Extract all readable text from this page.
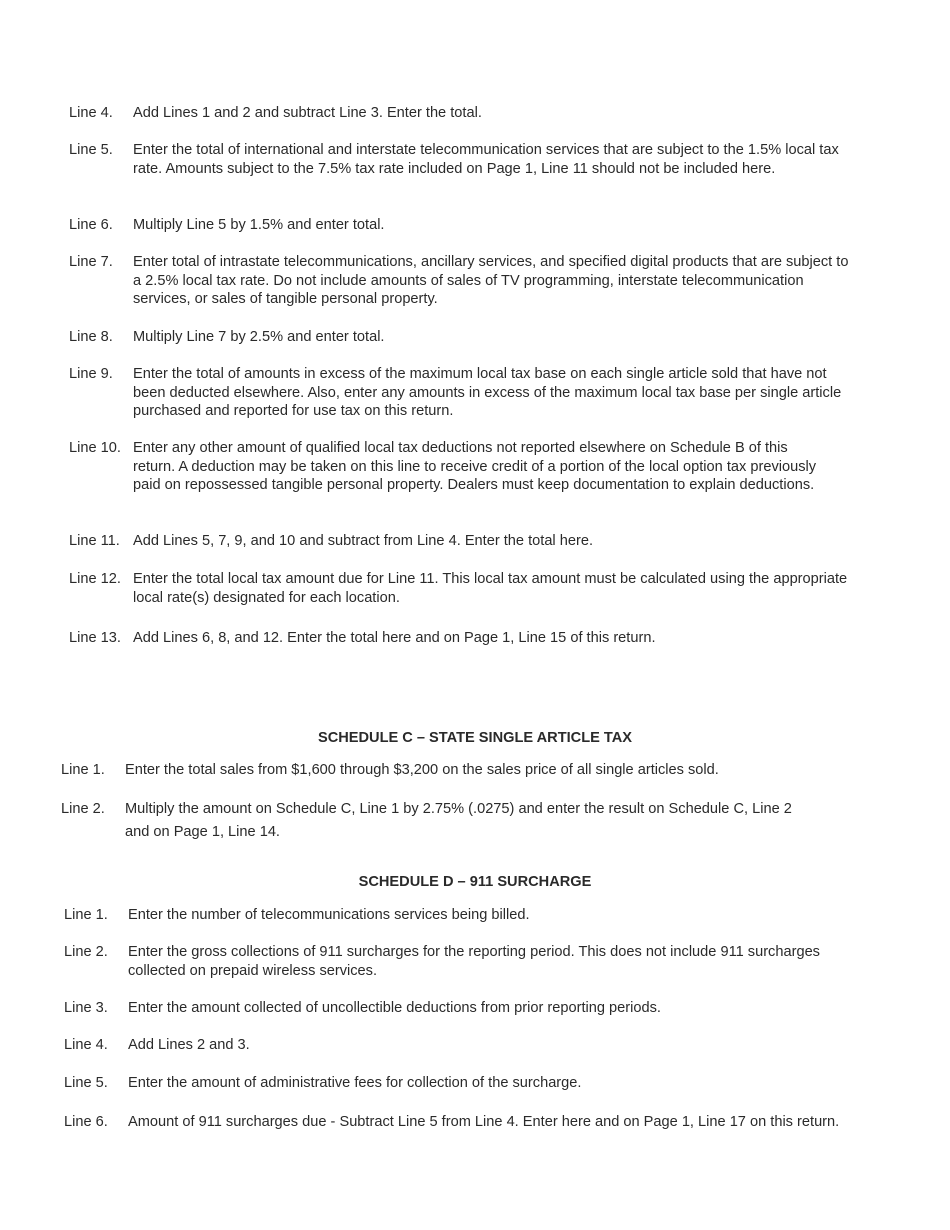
Line 4.	Add Lines 1 and 2 and subtract Line 3. Enter the total.
Line 5.	Enter the total of international and interstate telecommunication services that are subject to the 1.5% local tax rate. Amounts subject to the 7.5% tax rate included on Page 1, Line 11 should not be included here.
Line 6.	Multiply Line 5 by 1.5% and enter total.
Line 7.	Enter total of intrastate telecommunications, ancillary services, and specified digital products that are subject to a 2.5% local tax rate. Do not include amounts of sales of TV programming, interstate telecommunication services, or sales of tangible personal property.
Line 8.	Multiply Line 7 by 2.5% and enter total.
Line 9.	Enter the total of amounts in excess of the maximum local tax base on each single article sold that have not been deducted elsewhere. Also, enter any amounts in excess of the maximum local tax base per single article purchased and reported for use tax on this return.
Line 10. Enter any other amount of qualified local tax deductions not reported elsewhere on Schedule B of this return. A deduction may be taken on this line to receive credit of a portion of the local option tax previously paid on repossessed tangible personal property. Dealers must keep documentation to explain deductions.
Line 11. Add Lines 5, 7, 9, and 10 and subtract from Line 4. Enter the total here.
Line 12. Enter the total local tax amount due for Line 11. This local tax amount must be calculated using the appropriate local rate(s) designated for each location.
Line 13. Add Lines 6, 8, and 12. Enter the total here and on Page 1, Line 15 of this return.
SCHEDULE C – STATE SINGLE ARTICLE TAX
Line 1.	Enter the total sales from $1,600 through $3,200 on the sales price of all single articles sold.
Line 2.	Multiply the amount on Schedule C, Line 1 by 2.75% (.0275) and enter the result on Schedule C, Line 2 and on Page 1, Line 14.
SCHEDULE D – 911 SURCHARGE
Line 1.	Enter the number of telecommunications services being billed.
Line 2.	Enter the gross collections of 911 surcharges for the reporting period. This does not include 911 surcharges collected on prepaid wireless services.
Line 3.	Enter the amount collected of uncollectible deductions from prior reporting periods.
Line 4.	Add Lines 2 and 3.
Line 5.	Enter the amount of administrative fees for collection of the surcharge.
Line 6.	Amount of 911 surcharges due - Subtract Line 5 from Line 4. Enter here and on Page 1, Line 17 on this return.
